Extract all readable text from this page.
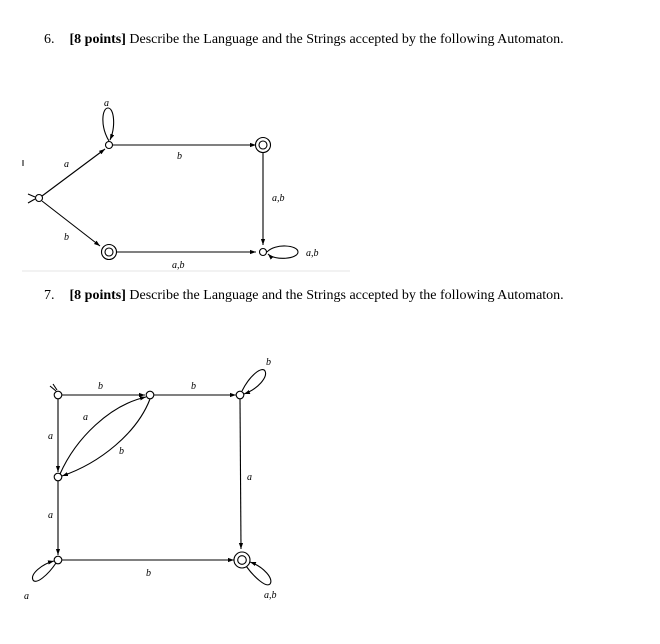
6. [8 points] Describe the Language and the Strings accepted by the following Automaton.
7. [8 points] Describe the Language and the Strings accepted by the following Automaton.
a
a
b
b
a,b
a,b
a,b
b	b
b
a
a
b
a
a
b
a	a,b
